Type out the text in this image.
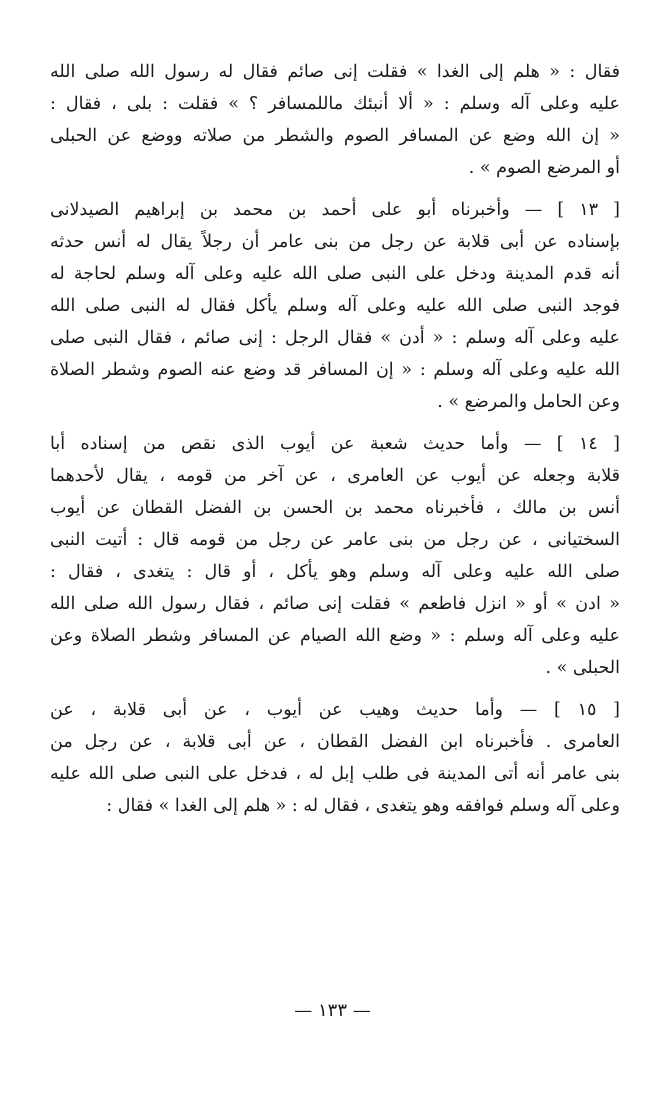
فقال : « هلم إلى الغدا » فقلت إنى صائم فقال له رسول الله صلى الله
عليه وعلى آله وسلم : « ألا أنبئك ماللمسافر ؟ » فقلت : بلى ، فقال :
« إن الله وضع عن المسافر الصوم والشطر من صلاته ووضع عن الحبلى
أو المرضع الصوم » .

[ ١٣ ] — وأخبرناه أبو على أحمد بن محمد بن إبراهيم الصيدلانى
بإسناده عن أبى قلابة عن رجل من بنى عامر أن رجلاً يقال له أنس حدثه
أنه قدم المدينة ودخل على النبى صلى الله عليه وعلى آله وسلم لحاجة له
فوجد النبى صلى الله عليه وعلى آله وسلم يأكل فقال له النبى صلى الله
عليه وعلى آله وسلم : « أدن » فقال الرجل : إنى صائم ، فقال النبى صلى
الله عليه وعلى آله وسلم : « إن المسافر قد وضع عنه الصوم وشطر الصلاة
وعن الحامل والمرضع » .

[ ١٤ ] — وأما حديث شعبة عن أيوب الذى نقص من إسناده أبا
قلابة وجعله عن أيوب عن العامرى ، عن آخر من قومه ، يقال لأحدهما
أنس بن مالك ، فأخبرناه محمد بن الحسن بن الفضل القطان عن أيوب
السختيانى ، عن رجل من بنى عامر عن رجل من قومه قال : أتيت النبى
صلى الله عليه وعلى آله وسلم وهو يأكل ، أو قال : يتغدى ، فقال :
« ادن » أو « انزل فاطعم » فقلت إنى صائم ، فقال رسول الله صلى الله
عليه وعلى آله وسلم : « وضع الله الصيام عن المسافر وشطر الصلاة وعن
الحبلى » .

[ ١٥ ] — وأما حديث وهيب عن أيوب ، عن أبى قلابة ، عن
العامرى . فأخبرناه ابن الفضل القطان ، عن أبى قلابة ، عن رجل من
بنى عامر أنه أتى المدينة فى طلب إبل له ، فدخل على النبى صلى الله عليه
وعلى آله وسلم فوافقه وهو يتغدى ، فقال له : « هلم إلى الغدا » فقال :

— ١٣٣ —
